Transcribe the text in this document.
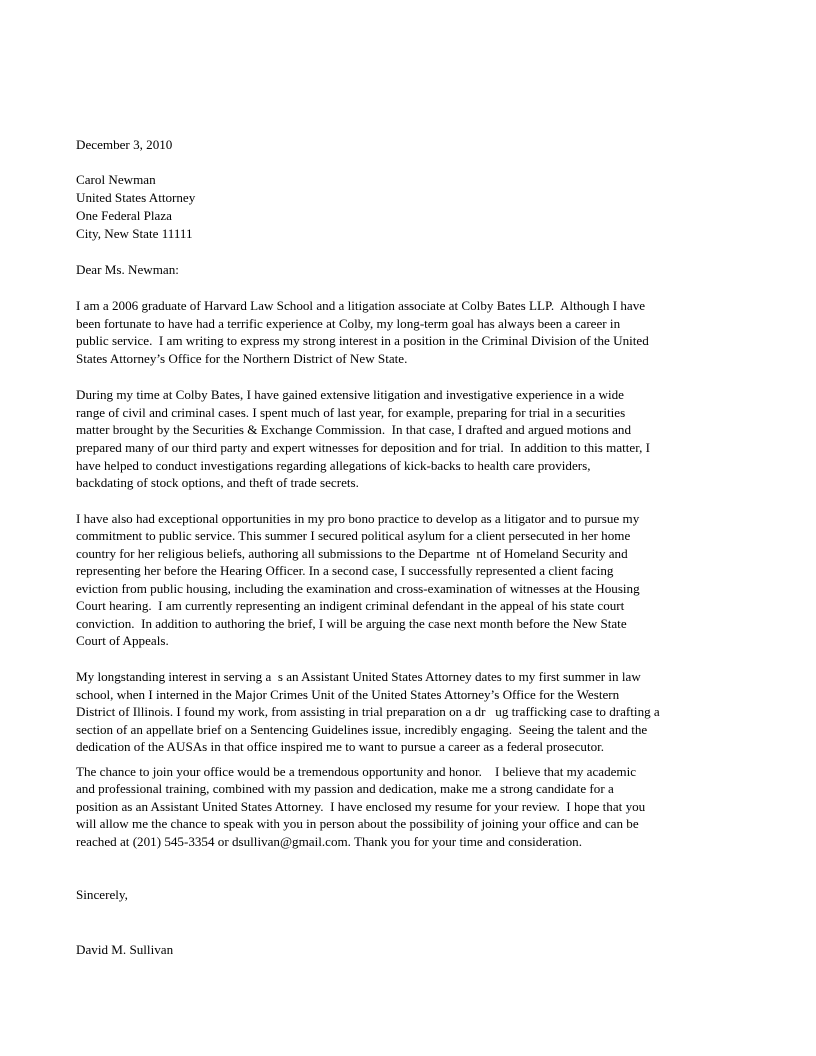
December 3, 2010
Carol Newman
United States Attorney
One Federal Plaza
City, New State 11111
Dear Ms. Newman:
I am a 2006 graduate of Harvard Law School and a litigation associate at Colby Bates LLP.  Although I have
been fortunate to have had a terrific experience at Colby, my long-term goal has always been a career in
public service.  I am writing to express my strong interest in a position in the Criminal Division of the United
States Attorney’s Office for the Northern District of New State.
During my time at Colby Bates, I have gained extensive litigation and investigative experience in a wide
range of civil and criminal cases. I spent much of last year, for example, preparing for trial in a securities
matter brought by the Securities & Exchange Commission.  In that case, I drafted and argued motions and
prepared many of our third party and expert witnesses for deposition and for trial.  In addition to this matter, I
have helped to conduct investigations regarding allegations of kick-backs to health care providers,
backdating of stock options, and theft of trade secrets.
I have also had exceptional opportunities in my pro bono practice to develop as a litigator and to pursue my
commitment to public service. This summer I secured political asylum for a client persecuted in her home
country for her religious beliefs, authoring all submissions to the Departme  nt of Homeland Security and
representing her before the Hearing Officer. In a second case, I successfully represented a client facing
eviction from public housing, including the examination and cross-examination of witnesses at the Housing
Court hearing.  I am currently representing an indigent criminal defendant in the appeal of his state court
conviction.  In addition to authoring the brief, I will be arguing the case next month before the New State
Court of Appeals.
My longstanding interest in serving a  s an Assistant United States Attorney dates to my first summer in law
school, when I interned in the Major Crimes Unit of the United States Attorney’s Office for the Western
District of Illinois. I found my work, from assisting in trial preparation on a dr   ug trafficking case to drafting a
section of an appellate brief on a Sentencing Guidelines issue, incredibly engaging.  Seeing the talent and the
dedication of the AUSAs in that office inspired me to want to pursue a career as a federal prosecutor.
The chance to join your office would be a tremendous opportunity and honor.    I believe that my academic
and professional training, combined with my passion and dedication, make me a strong candidate for a
position as an Assistant United States Attorney.  I have enclosed my resume for your review.  I hope that you
will allow me the chance to speak with you in person about the possibility of joining your office and can be
reached at (201) 545-3354 or dsullivan@gmail.com. Thank you for your time and consideration.
Sincerely,
David M. Sullivan
